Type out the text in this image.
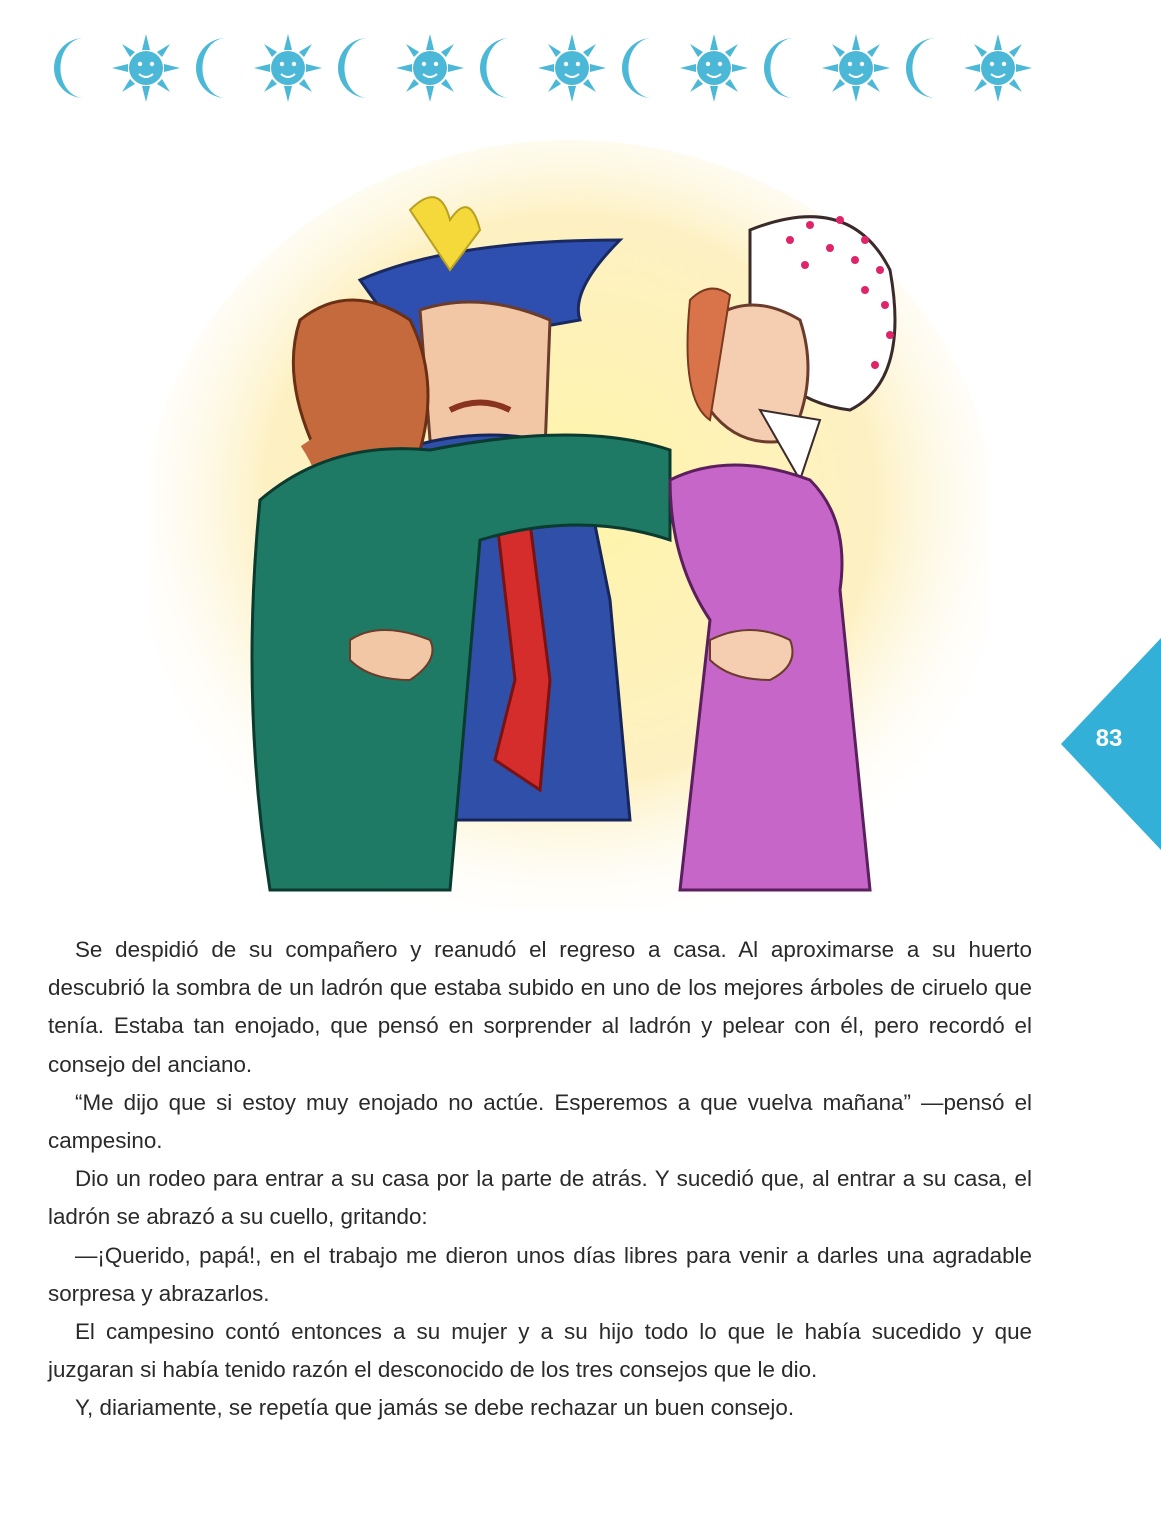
83

Se despidió de su compañero y reanudó el regreso a casa. Al aproximarse a su huerto descubrió la sombra de un ladrón que estaba subido en uno de los mejores árboles de ciruelo que tenía. Estaba tan enojado, que pensó en sorprender al ladrón y pelear con él, pero recordó el consejo del anciano.

“Me dijo que si estoy muy enojado no actúe. Esperemos a que vuelva mañana” —pensó el campesino.

Dio un rodeo para entrar a su casa por la parte de atrás. Y sucedió que, al entrar a su casa, el ladrón se abrazó a su cuello, gritando:

—¡Querido, papá!, en el trabajo me dieron unos días libres para venir a darles una agradable sorpresa y abrazarlos.

El campesino contó entonces a su mujer y a su hijo todo lo que le había sucedido y que juzgaran si había tenido razón el desconocido de los tres consejos que le dio.

Y, diariamente, se repetía que jamás se debe rechazar un buen consejo.
